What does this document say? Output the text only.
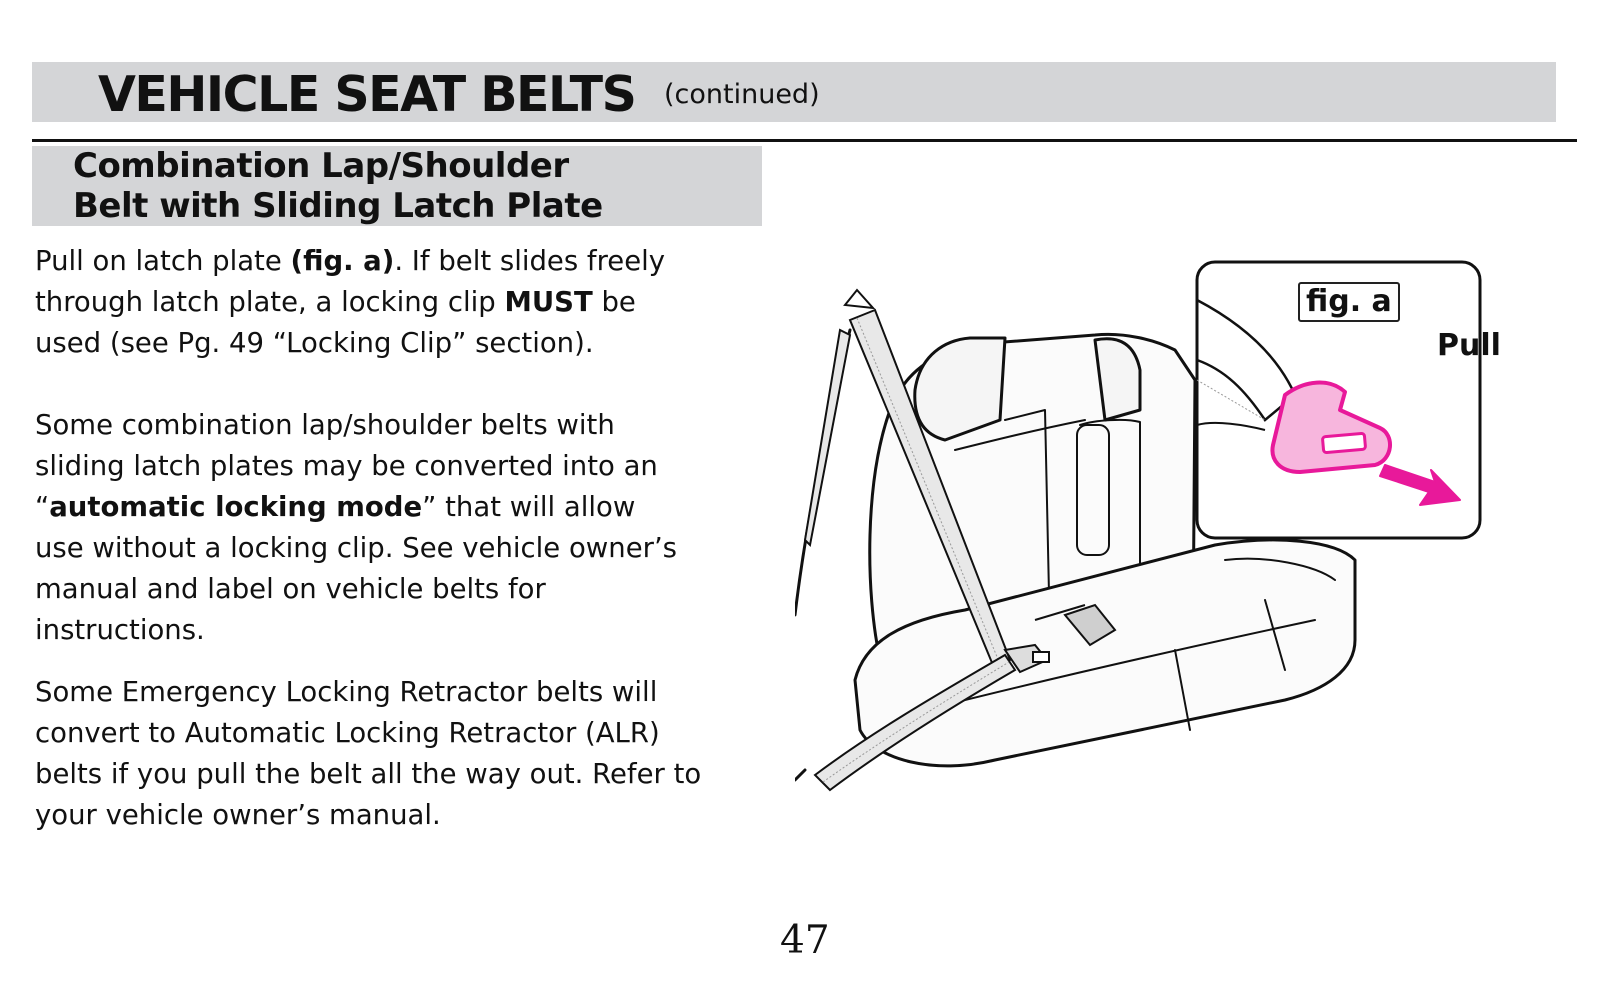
VEHICLE SEAT BELTS (continued)
Combination Lap/Shoulder
Belt with Sliding Latch Plate
Pull on latch plate (fig. a). If belt slides freely
through latch plate, a locking clip MUST be
used (see Pg. 49 “Locking Clip” section).
Some combination lap/shoulder belts with
sliding latch plates may be converted into an
“automatic locking mode” that will allow
use without a locking clip. See vehicle owner’s
manual and label on vehicle belts for
instructions.
Some Emergency Locking Retractor belts will
convert to Automatic Locking Retractor (ALR)
belts if you pull the belt all the way out. Refer to
your vehicle owner’s manual.
fig. a
Pull
47
